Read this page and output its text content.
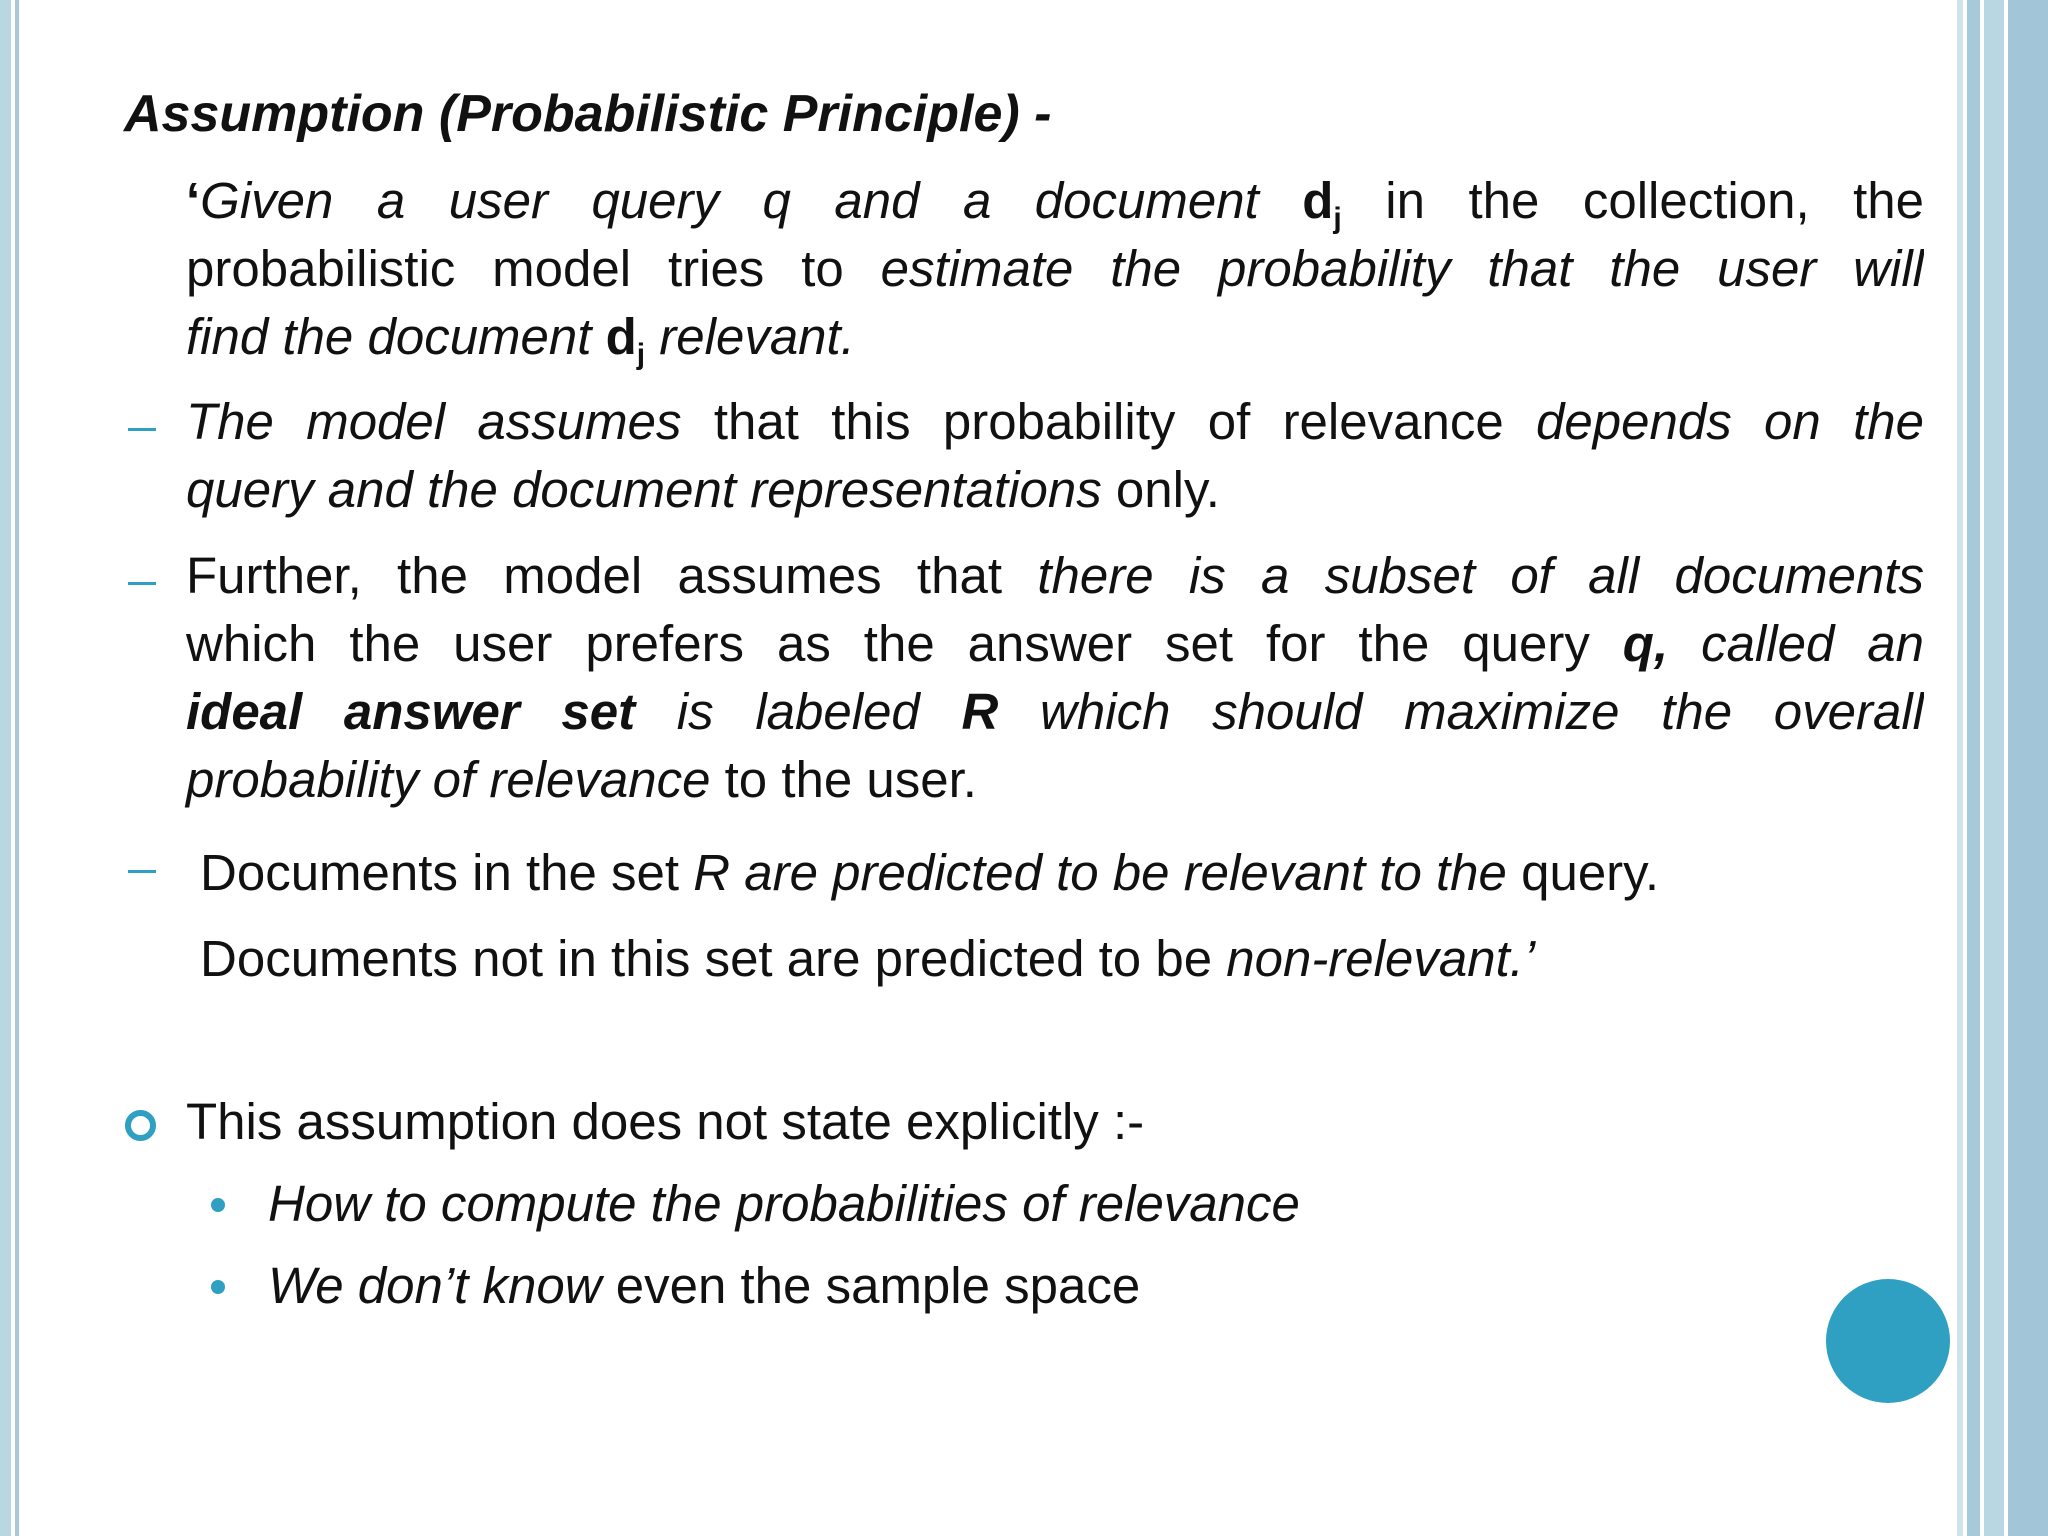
Assumption (Probabilistic Principle) -
‘Given a user query q and a document $d_j$ in the collection, the
probabilistic model tries to estimate the probability that the user will
find the document $d_j$ relevant.
The model assumes that this probability of relevance depends on the
query and the document representations only.
Further, the model assumes that there is a subset of all documents
which the user prefers as the answer set for the query q, called an
ideal answer set is labeled R which should maximize the overall
probability of relevance to the user.
Documents in the set R are predicted to be relevant to the query.
Documents not in this set are predicted to be non-relevant.’
This assumption does not state explicitly :-
How to compute the probabilities of relevance
We don’t know even the sample space
